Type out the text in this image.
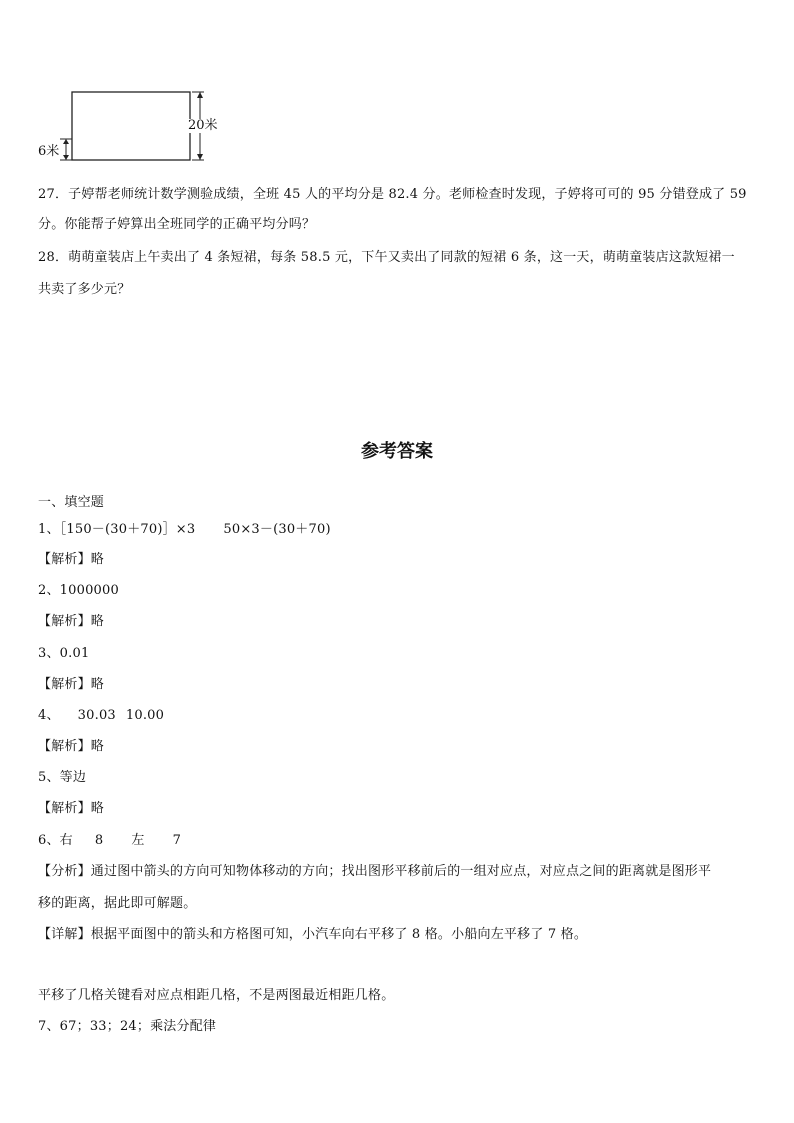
20米
6米
27．子婷帮老师统计数学测验成绩，全班 45 人的平均分是 82.4 分。老师检查时发现，子婷将可可的 95 分错登成了 59
分。你能帮子婷算出全班同学的正确平均分吗？
28．萌萌童装店上午卖出了 4 条短裙，每条 58.5 元，下午又卖出了同款的短裙 6 条，这一天，萌萌童装店这款短裙一
共卖了多少元？
参考答案
一、填空题
1、［150－(30＋70)］×3 50×3－(30＋70)
【解析】略
2、1000000
【解析】略
3、0.01
【解析】略
4、 30.03 10.00
【解析】略
5、等边
【解析】略
6、右 8 左 7
【分析】通过图中箭头的方向可知物体移动的方向；找出图形平移前后的一组对应点，对应点之间的距离就是图形平
移的距离，据此即可解题。
【详解】根据平面图中的箭头和方格图可知，小汽车向右平移了 8 格。小船向左平移了 7 格。
平移了几格关键看对应点相距几格，不是两图最近相距几格。
7、67；33；24；乘法分配律
